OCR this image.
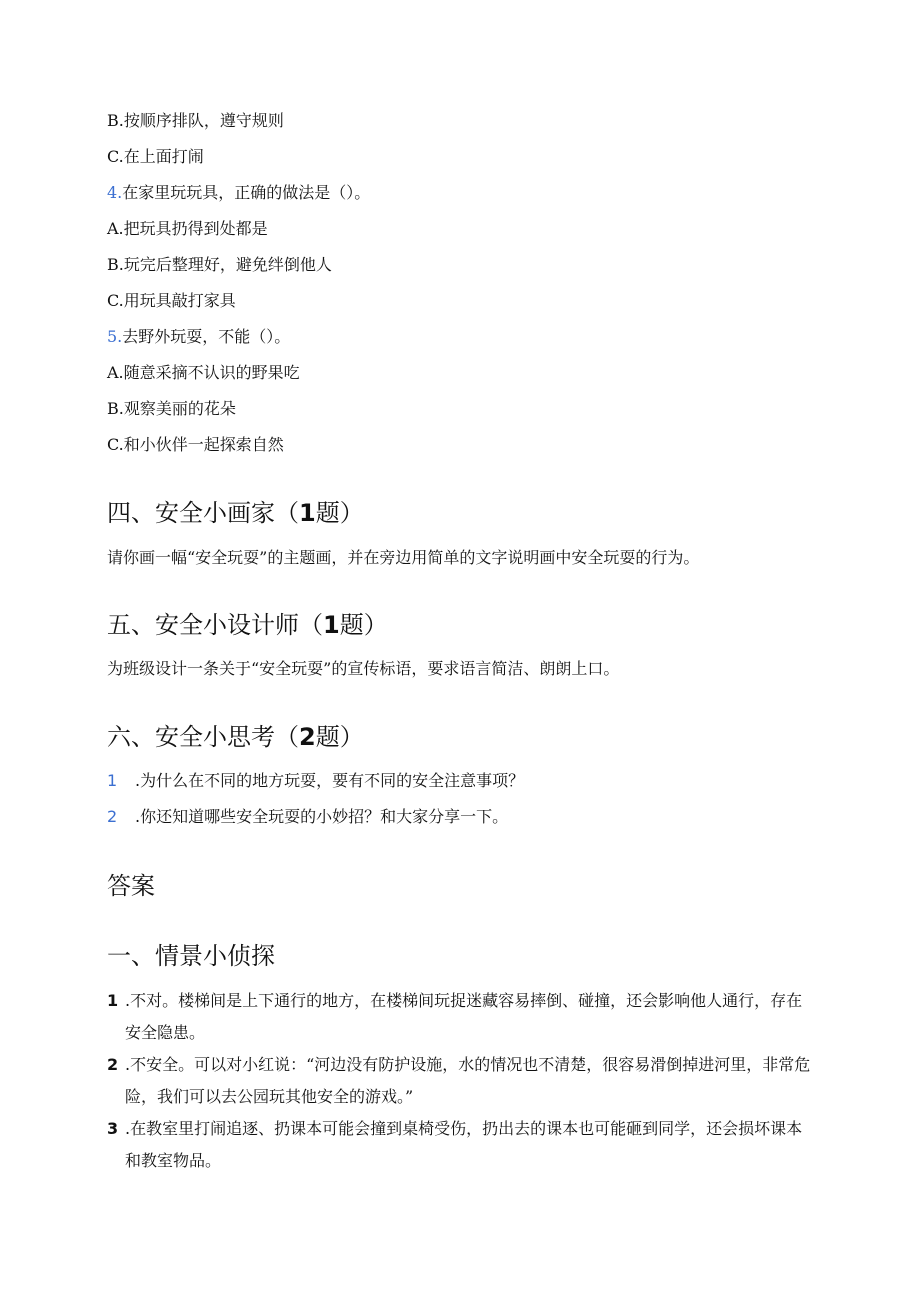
B.按顺序排队，遵守规则
C.在上面打闹
4.在家里玩玩具，正确的做法是（）。
A.把玩具扔得到处都是
B.玩完后整理好，避免绊倒他人
C.用玩具敲打家具
5.去野外玩耍，不能（）。
A.随意采摘不认识的野果吃
B.观察美丽的花朵
C.和小伙伴一起探索自然
四、安全小画家（1题）
请你画一幅“安全玩耍”的主题画，并在旁边用简单的文字说明画中安全玩耍的行为。
五、安全小设计师（1题）
为班级设计一条关于“安全玩耍”的宣传标语，要求语言简洁、朗朗上口。
六、安全小思考（2题）
1 .为什么在不同的地方玩耍，要有不同的安全注意事项？
2 .你还知道哪些安全玩耍的小妙招？和大家分享一下。
答案
一、情景小侦探
1 .不对。楼梯间是上下通行的地方，在楼梯间玩捉迷藏容易摔倒、碰撞，还会影响他人通行，存在安全隐患。
2 .不安全。可以对小红说：“河边没有防护设施，水的情况也不清楚，很容易滑倒掉进河里，非常危险，我们可以去公园玩其他安全的游戏。”
3 .在教室里打闹追逐、扔课本可能会撞到桌椅受伤，扔出去的课本也可能砸到同学，还会损坏课本和教室物品。
